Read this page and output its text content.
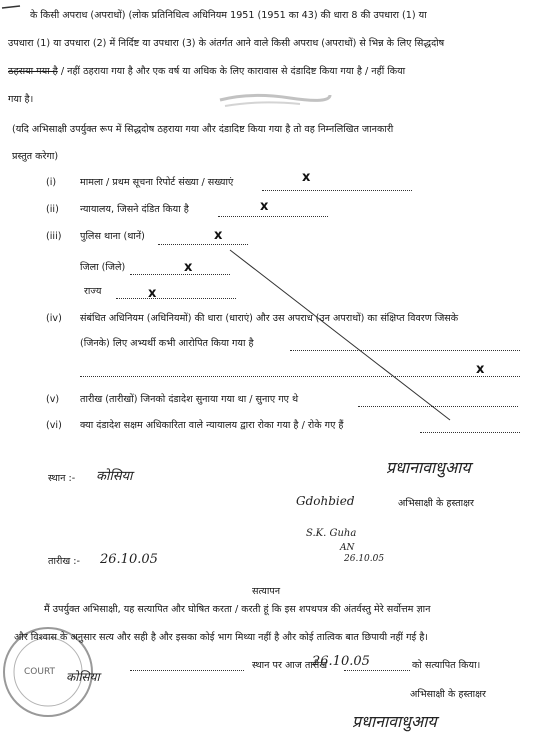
के किसी अपराध (अपराधों) (लोक प्रतिनिधित्व अधिनियम 1951 (1951 का 43) की धारा 8 की उपधारा (1) या
उपधारा (1) या उपधारा (2) में निर्दिष्ट या उपधारा (3) के अंतर्गत आने वाले किसी अपराध (अपराधों) से भिन्न के लिए सिद्धदोष
ठहराया गया है / नहीं ठहराया गया है और एक वर्ष या अधिक के लिए कारावास से दंडादिष्ट किया गया है / नहीं किया
गया है।
(यदि अभिसाक्षी उपर्युक्त रूप में सिद्धदोष ठहराया गया और दंडादिष्ट किया गया है तो वह निम्नलिखित जानकारी
प्रस्तुत करेगा)
(i) मामला / प्रथम सूचना रिपोर्ट संख्या / सख्याएं	x
(ii) न्यायालय, जिसने दंडित किया है	x
(iii) पुलिस थाना (थानें)	x
जिला (जिले)	x
राज्य	x
(iv) संबंधित अधिनियम (अधिनियमों) की धारा (धाराएं) और उस अपराध (उन अपराधों) का संक्षिप्त विवरण जिसके
(जिनके) लिए अभ्यर्थी कभी आरोपित किया गया है
x
(v) तारीख (तारीखों) जिनको दंडादेश सुनाया गया था / सुनाए गए थे
(vi) क्या दंडादेश सक्षम अधिकारिता वाले न्यायालय द्वारा रोका गया है / रोके गए हैं
स्थान :- कोसिया	प्रधानावाधुआय
अभिसाक्षी के हस्ताक्षर
Gdohbied
S.K. Guha
AN
26.10.05
तारीख :- 26.10.05
सत्यापन
मैं उपर्युक्त अभिसाक्षी, यह सत्यापित और घोषित करता / करती हूं कि इस शपथपत्र की अंतर्वस्तु मेरे सर्वोत्तम ज्ञान
और विश्वास के अनुसार सत्य और सही है और इसका कोई भाग मिथ्या नहीं है और कोई तात्विक बात छिपायी नहीं गई है।
स्थान पर आज तारीख
26.10.05	को सत्यापित किया।
कोसिया
अभिसाक्षी के हस्ताक्षर
प्रधानावाधुआय
COURT
